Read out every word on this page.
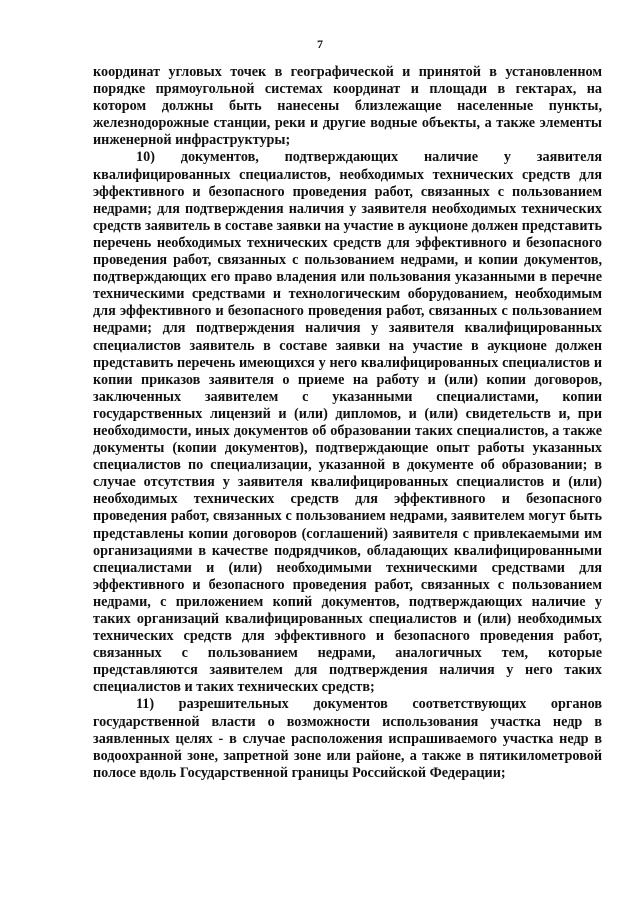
7

координат угловых точек в географической и принятой в установленном порядке прямоугольной системах координат и площади в гектарах, на котором должны быть нанесены близлежащие населенные пункты, железнодорожные станции, реки и другие водные объекты, а также элементы инженерной инфраструктуры;

10) документов, подтверждающих наличие у заявителя квалифицированных специалистов, необходимых технических средств для эффективного и безопасного проведения работ, связанных с пользованием недрами; для подтверждения наличия у заявителя необходимых технических средств заявитель в составе заявки на участие в аукционе должен представить перечень необходимых технических средств для эффективного и безопасного проведения работ, связанных с пользованием недрами, и копии документов, подтверждающих его право владения или пользования указанными в перечне техническими средствами и технологическим оборудованием, необходимым для эффективного и безопасного проведения работ, связанных с пользованием недрами; для подтверждения наличия у заявителя квалифицированных специалистов заявитель в составе заявки на участие в аукционе должен представить перечень имеющихся у него квалифицированных специалистов и копии приказов заявителя о приеме на работу и (или) копии договоров, заключенных заявителем с указанными специалистами, копии государственных лицензий и (или) дипломов, и (или) свидетельств и, при необходимости, иных документов об образовании таких специалистов, а также документы (копии документов), подтверждающие опыт работы указанных специалистов по специализации, указанной в документе об образовании; в случае отсутствия у заявителя квалифицированных специалистов и (или) необходимых технических средств для эффективного и безопасного проведения работ, связанных с пользованием недрами, заявителем могут быть представлены копии договоров (соглашений) заявителя с привлекаемыми им организациями в качестве подрядчиков, обладающих квалифицированными специалистами и (или) необходимыми техническими средствами для эффективного и безопасного проведения работ, связанных с пользованием недрами, с приложением копий документов, подтверждающих наличие у таких организаций квалифицированных специалистов и (или) необходимых технических средств для эффективного и безопасного проведения работ, связанных с пользованием недрами, аналогичных тем, которые представляются заявителем для подтверждения наличия у него таких специалистов и таких технических средств;

11) разрешительных документов соответствующих органов государственной власти о возможности использования участка недр в заявленных целях - в случае расположения испрашиваемого участка недр в водоохранной зоне, запретной зоне или районе, а также в пятикилометровой полосе вдоль Государственной границы Российской Федерации;
